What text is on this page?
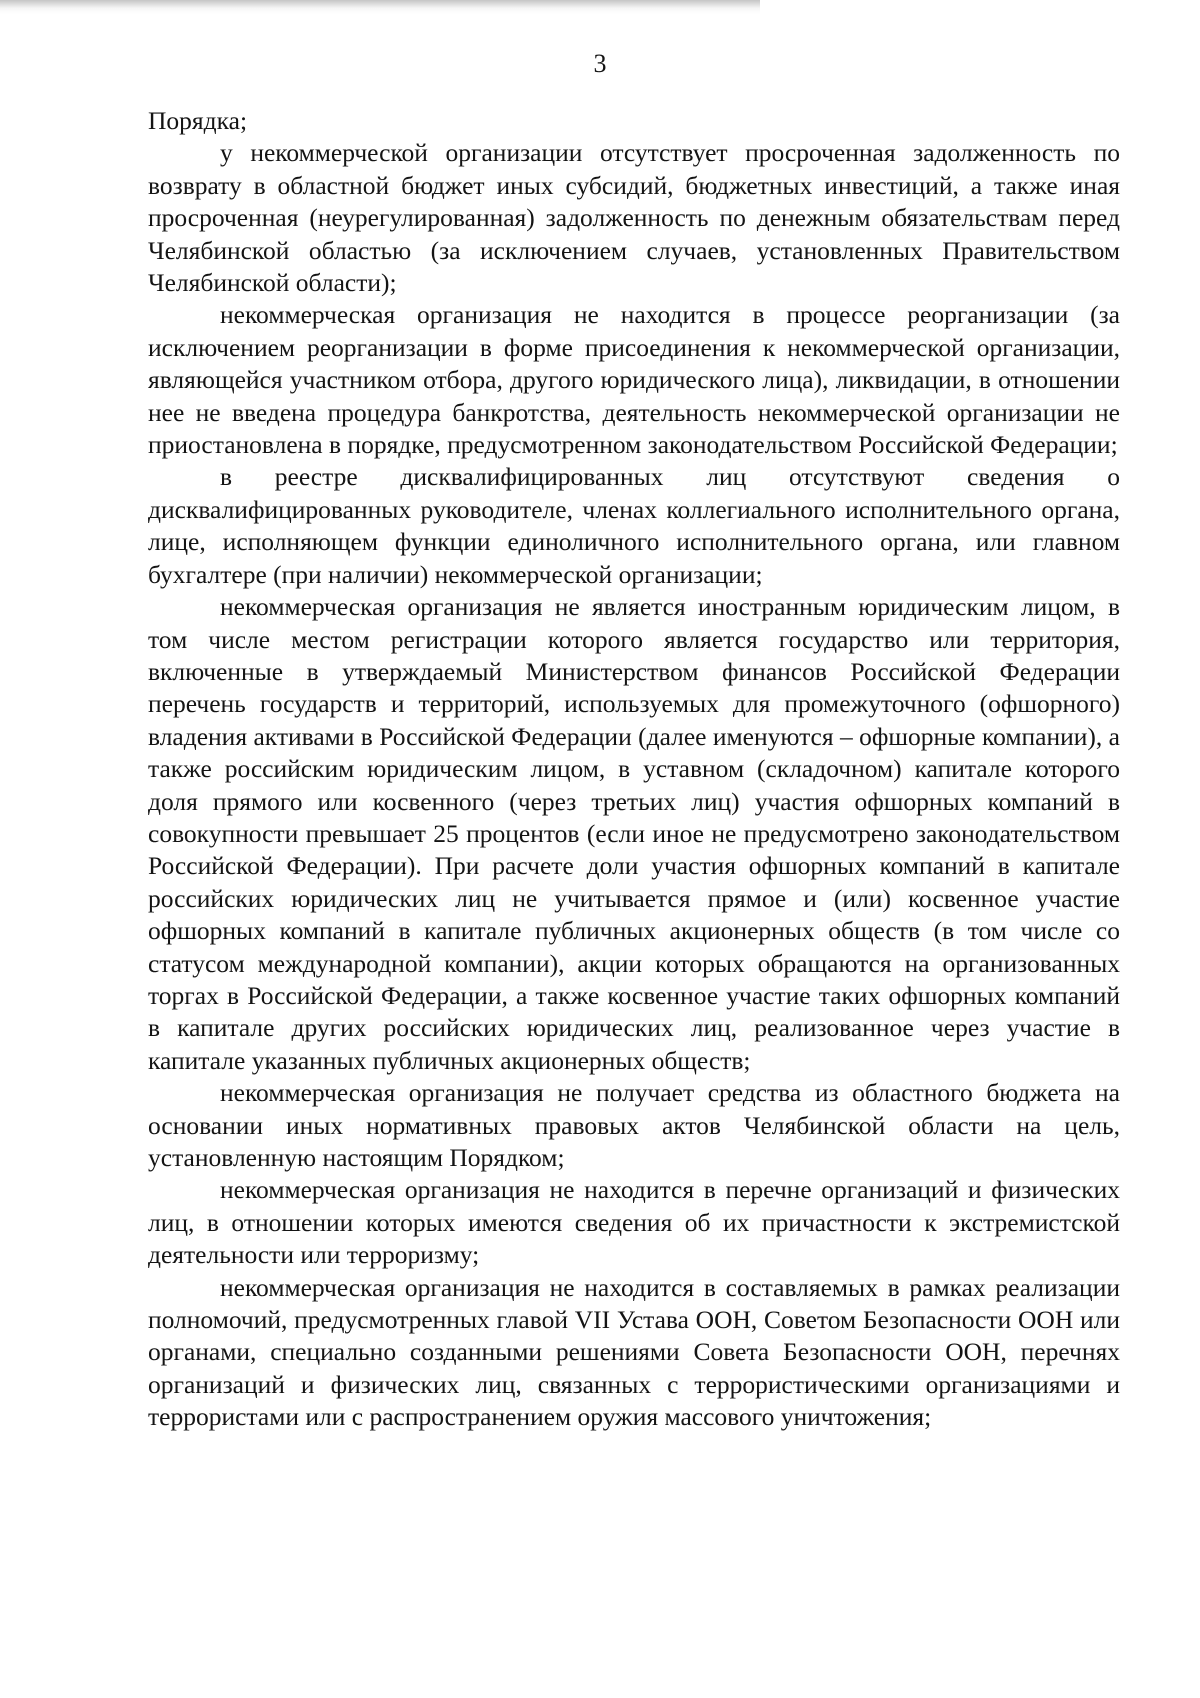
3

Порядка;

у некоммерческой организации отсутствует просроченная задолженность по возврату в областной бюджет иных субсидий, бюджетных инвестиций, а также иная просроченная (неурегулированная) задолженность по денежным обязательствам перед Челябинской областью (за исключением случаев, установленных Правительством Челябинской области);

некоммерческая организация не находится в процессе реорганизации (за исключением реорганизации в форме присоединения к некоммерческой организации, являющейся участником отбора, другого юридического лица), ликвидации, в отношении нее не введена процедура банкротства, деятельность некоммерческой организации не приостановлена в порядке, предусмотренном законодательством Российской Федерации;

в реестре дисквалифицированных лиц отсутствуют сведения о дисквалифицированных руководителе, членах коллегиального исполнительного органа, лице, исполняющем функции единоличного исполнительного органа, или главном бухгалтере (при наличии) некоммерческой организации;

некоммерческая организация не является иностранным юридическим лицом, в том числе местом регистрации которого является государство или территория, включенные в утверждаемый Министерством финансов Российской Федерации перечень государств и территорий, используемых для промежуточного (офшорного) владения активами в Российской Федерации (далее именуются – офшорные компании), а также российским юридическим лицом, в уставном (складочном) капитале которого доля прямого или косвенного (через третьих лиц) участия офшорных компаний в совокупности превышает 25 процентов (если иное не предусмотрено законодательством Российской Федерации). При расчете доли участия офшорных компаний в капитале российских юридических лиц не учитывается прямое и (или) косвенное участие офшорных компаний в капитале публичных акционерных обществ (в том числе со статусом международной компании), акции которых обращаются на организованных торгах в Российской Федерации, а также косвенное участие таких офшорных компаний в капитале других российских юридических лиц, реализованное через участие в капитале указанных публичных акционерных обществ;

некоммерческая организация не получает средства из областного бюджета на основании иных нормативных правовых актов Челябинской области на цель, установленную настоящим Порядком;

некоммерческая организация не находится в перечне организаций и физических лиц, в отношении которых имеются сведения об их причастности к экстремистской деятельности или терроризму;

некоммерческая организация не находится в составляемых в рамках реализации полномочий, предусмотренных главой VII Устава ООН, Советом Безопасности ООН или органами, специально созданными решениями Совета Безопасности ООН, перечнях организаций и физических лиц, связанных с террористическими организациями и террористами или с распространением оружия массового уничтожения;
